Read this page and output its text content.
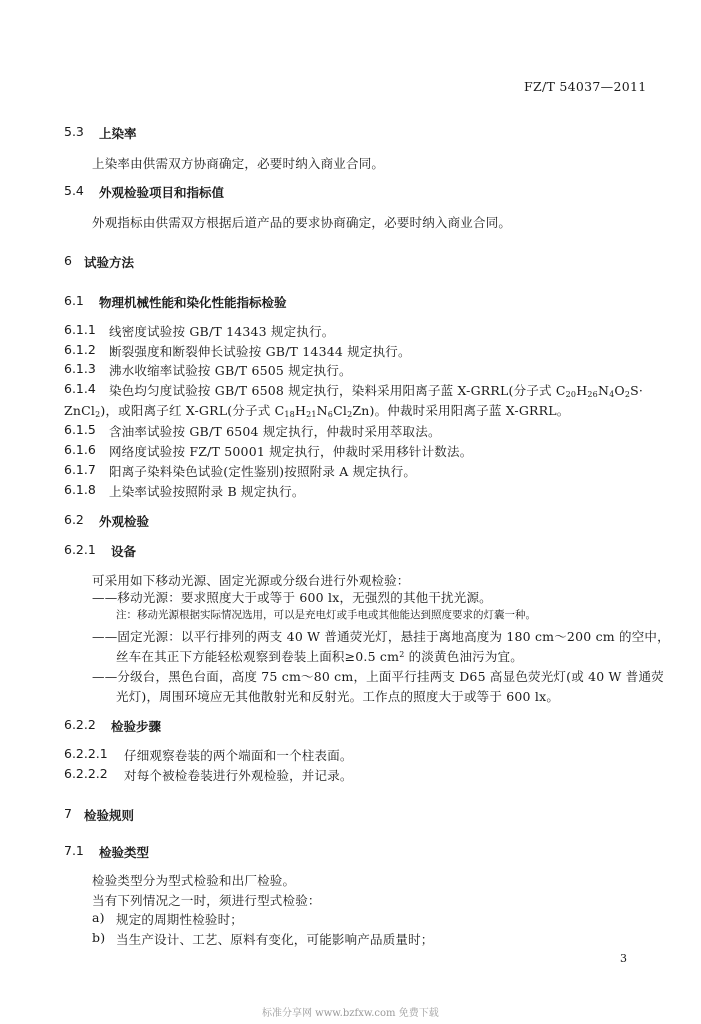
FZ/T 54037—2011
5.3 上染率
上染率由供需双方协商确定，必要时纳入商业合同。
5.4 外观检验项目和指标值
外观指标由供需双方根据后道产品的要求协商确定，必要时纳入商业合同。
6 试验方法
6.1 物理机械性能和染化性能指标检验
6.1.1 线密度试验按 GB/T 14343 规定执行。
6.1.2 断裂强度和断裂伸长试验按 GB/T 14344 规定执行。
6.1.3 沸水收缩率试验按 GB/T 6505 规定执行。
6.1.4 染色均匀度试验按 GB/T 6508 规定执行，染料采用阳离子蓝 X-GRRL(分子式 $C_{20}H_{26}N_4O_2S\cdot$
ZnCl$_2$)，或阳离子红 X-GRL(分子式 $C_{18}H_{21}N_6Cl_2Zn$)。仲裁时采用阳离子蓝 X-GRRL。
6.1.5 含油率试验按 GB/T 6504 规定执行，仲裁时采用萃取法。
6.1.6 网络度试验按 FZ/T 50001 规定执行，仲裁时采用移针计数法。
6.1.7 阳离子染料染色试验(定性鉴别)按照附录 A 规定执行。
6.1.8 上染率试验按照附录 B 规定执行。
6.2 外观检验
6.2.1 设备
可采用如下移动光源、固定光源或分级台进行外观检验：
——移动光源：要求照度大于或等于 600 lx，无强烈的其他干扰光源。
注：移动光源根据实际情况选用，可以是充电灯或手电或其他能达到照度要求的灯囊一种。
——固定光源：以平行排列的两支 40 W 普通荧光灯，悬挂于离地高度为 180 cm～200 cm 的空中，
丝车在其正下方能轻松观察到卷装上面积≥0.5 $cm^2$ 的淡黄色油污为宜。
——分级台，黑色台面，高度 75 cm～80 cm，上面平行挂两支 D65 高显色荧光灯(或 40 W 普通荧
光灯)，周围环境应无其他散射光和反射光。工作点的照度大于或等于 600 lx。
6.2.2 检验步骤
6.2.2.1 仔细观察卷装的两个端面和一个柱表面。
6.2.2.2 对每个被检卷装进行外观检验，并记录。
7 检验规则
7.1 检验类型
检验类型分为型式检验和出厂检验。
当有下列情况之一时，须进行型式检验：
a) 规定的周期性检验时；
b) 当生产设计、工艺、原料有变化，可能影响产品质量时；
3
标准分享网 www.bzfxw.com 免费下载
